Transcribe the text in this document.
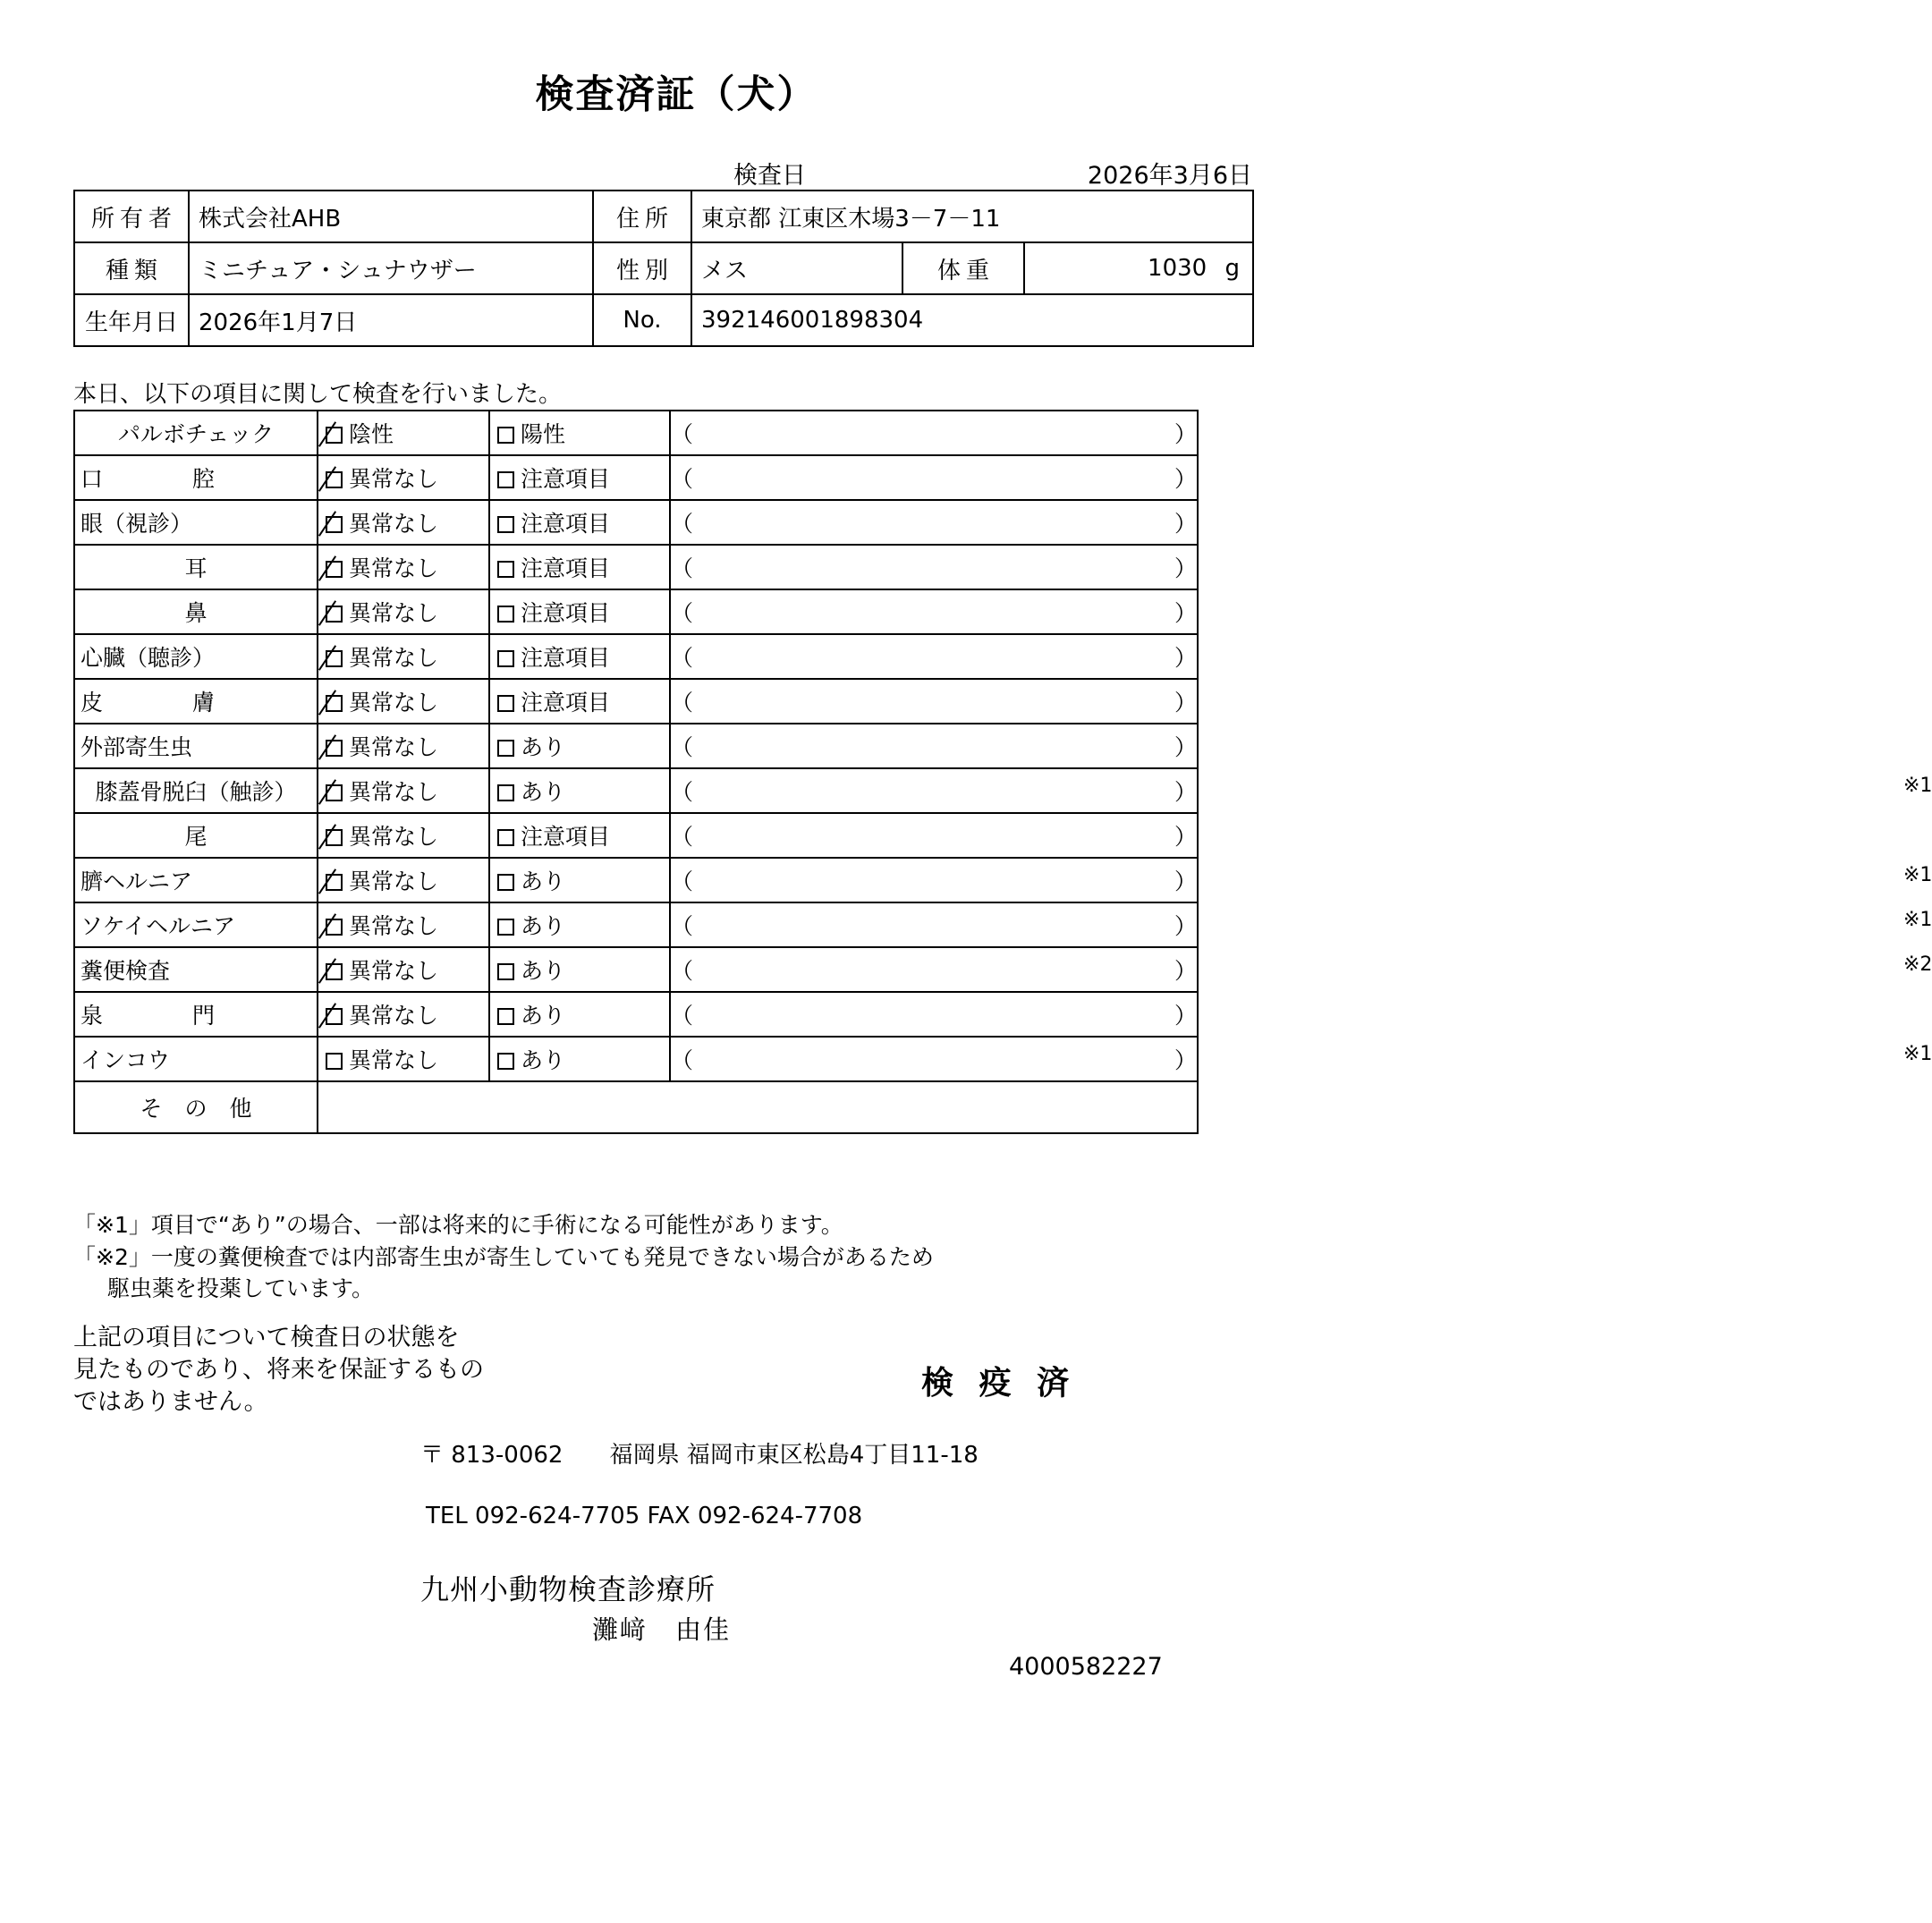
検査済証（犬）
検査日	2026年3月6日
所有者	株式会社AHB	住所	東京都 江東区木場3－7－11		
種類	ミニチュア・シュナウザー	性別	メス	体重	1030 g
生年月日	2026年1月7日	No.	392146001898304		
本日、以下の項目に関して検査を行いました。
パルボチェック	陰性	陽性	（	）
口　　　　腔	異常なし	注意項目	（	）
眼（視診）	異常なし	注意項目	（	）
耳	異常なし	注意項目	（	）
鼻	異常なし	注意項目	（	）
心臓（聴診）	異常なし	注意項目	（	）
皮　　　　膚	異常なし	注意項目	（	）
外部寄生虫	異常なし	あり	（	）
膝蓋骨脱臼（触診）	異常なし	あり	（	） ※1

尾	異常なし	注意項目	（	）
臍ヘルニア	異常なし	あり	（	） ※1

ソケイヘルニア	異常なし	あり	（	） ※1

糞便検査	異常なし	あり	（	） ※2

泉　　　　門	異常なし	あり	（	）
インコウ	異常なし	あり	（	） ※1

そ　の　他				
「※1」項目で“あり”の場合、一部は将来的に手術になる可能性があります。
「※2」一度の糞便検査では内部寄生虫が寄生していても発見できない場合があるため
駆虫薬を投薬しています。
上記の項目について検査日の状態を
見たものであり、将来を保証するもの
ではありません。
検 疫 済
〒 813-0062　　福岡県 福岡市東区松島4丁目11-18
TEL 092-624-7705 FAX 092-624-7708
九州小動物検査診療所
灘﨑　由佳
4000582227
